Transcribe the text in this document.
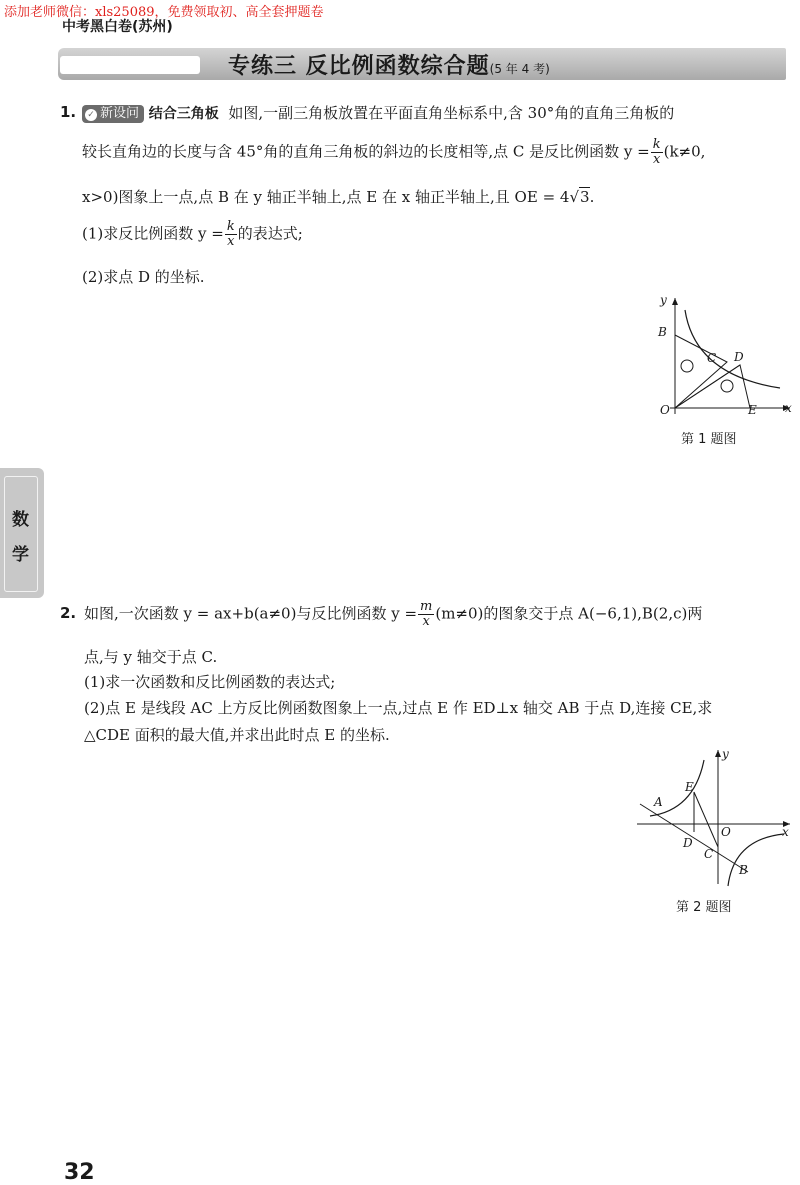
添加老师微信：xls25089，免费领取初、高全套押题卷
中考黑白卷(苏州)
专练三 反比例函数综合题(5 年 4 考)
数
学
1.	✓ 新设问 结合三角板 如图,一副三角板放置在平面直角坐标系中,含 30°角的直角三角板的
较长直角边的长度与含 45°角的直角三角板的斜边的长度相等,点 C 是反比例函数 $y = \frac{k}{x} (k\ne 0$,
x>0)图象上一点,点 B 在 y 轴正半轴上,点 E 在 x 轴正半轴上,且 OE = 4√3.
(1)求反比例函数 $y = \frac{k}{x}$ 的表达式;
(2)求点 D 的坐标.
y
x
B
C D
O	E
第 1 题图
2. 如图,一次函数 y = ax+b(a≠0)与反比例函数 $y = \frac{m}{x} (m\ne 0)$的图象交于点 A(−6,1),B(2,c)两
点,与 y 轴交于点 C.
(1)求一次函数和反比例函数的表达式;
(2)点 E 是线段 AC 上方反比例函数图象上一点,过点 E 作 ED⊥x 轴交 AB 于点 D,连接 CE,求
△CDE 面积的最大值,并求出此时点 E 的坐标.
A
E
y
x
O
D
C
B
第 2 题图
32
